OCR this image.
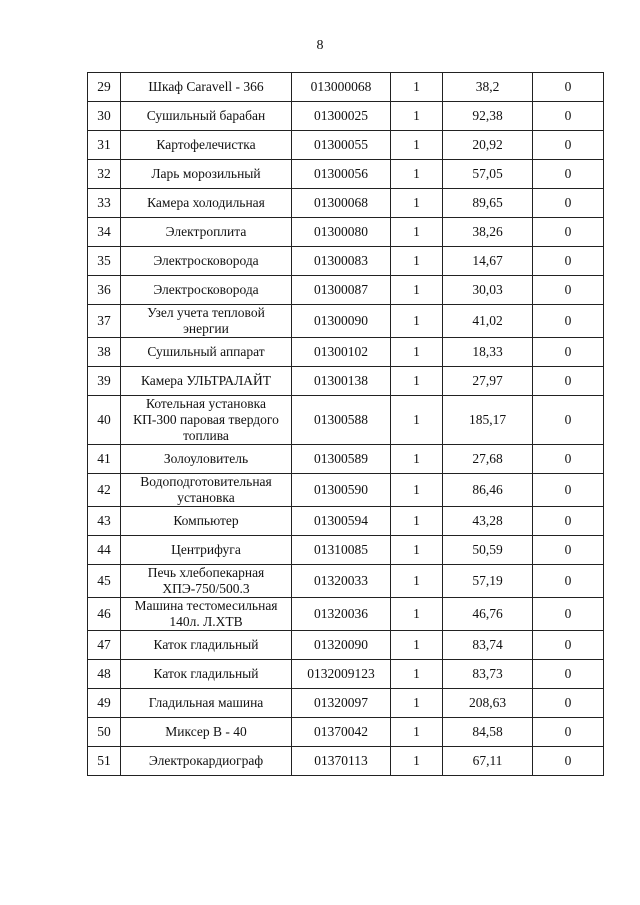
8
29	Шкаф Caravell - 366	013000068	1	38,2	0
30	Сушильный барабан	01300025	1	92,38	0
31	Картофелечистка	01300055	1	20,92	0
32	Ларь морозильный	01300056	1	57,05	0
33	Камера холодильная	01300068	1	89,65	0
34	Электроплита	01300080	1	38,26	0
35	Электросковорода	01300083	1	14,67	0
36	Электросковорода	01300087	1	30,03	0
37	Узел учета тепловой энергии	01300090	1	41,02	0
38	Сушильный аппарат	01300102	1	18,33	0
39	Камера УЛЬТРАЛАЙТ	01300138	1	27,97	0
40	Котельная установка КП-300 паровая твердого топлива	01300588	1	185,17	0
41	Золоуловитель	01300589	1	27,68	0
42	Водоподготовительная установка	01300590	1	86,46	0
43	Компьютер	01300594	1	43,28	0
44	Центрифуга	01310085	1	50,59	0
45	Печь хлебопекарная ХПЭ-750/500.3	01320033	1	57,19	0
46	Машина тестомесильная 140л. Л.ХТВ	01320036	1	46,76	0
47	Каток гладильный	01320090	1	83,74	0
48	Каток гладильный	0132009123	1	83,73	0
49	Гладильная машина	01320097	1	208,63	0
50	Миксер В - 40	01370042	1	84,58	0
51	Электрокардиограф	01370113	1	67,11	0
